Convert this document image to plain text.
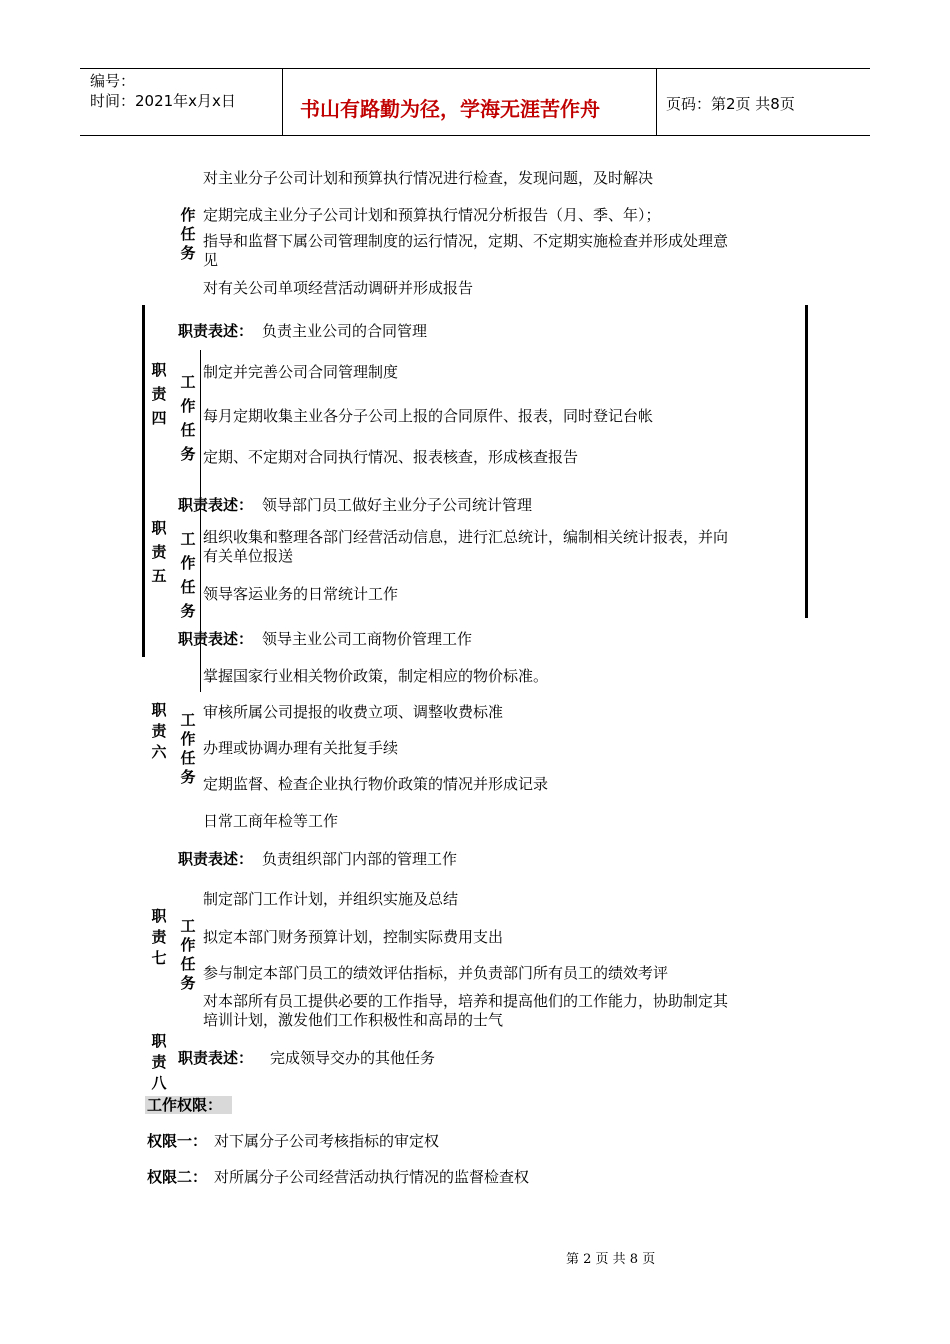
编号：
时间：2021年x月x日	书山有路勤为径，学海无涯苦作舟	页码：第2页 共8页
作
任
务
对主业分子公司计划和预算执行情况进行检查，发现问题，及时解决
定期完成主业分子公司计划和预算执行情况分析报告（月、季、年）；
指导和监督下属公司管理制度的运行情况，定期、不定期实施检查并形成处理意
见
对有关公司单项经营活动调研并形成报告
职
责
四
职责表述： 负责主业公司的合同管理
工
作
任
务
制定并完善公司合同管理制度
每月定期收集主业各分子公司上报的合同原件、报表，同时登记台帐
定期、不定期对合同执行情况、报表核查，形成核查报告
职
责
五
职责表述： 领导部门员工做好主业分子公司统计管理
工
作
任
务
组织收集和整理各部门经营活动信息，进行汇总统计，编制相关统计报表，并向
有关单位报送
领导客运业务的日常统计工作
职责表述： 领导主业公司工商物价管理工作
职
责
六
工
作
任
务
掌握国家行业相关物价政策，制定相应的物价标准。
审核所属公司提报的收费立项、调整收费标准
办理或协调办理有关批复手续
定期监督、检查企业执行物价政策的情况并形成记录
日常工商年检等工作
职责表述： 负责组织部门内部的管理工作
职
责
七
工
作
任
务
制定部门工作计划，并组织实施及总结
拟定本部门财务预算计划，控制实际费用支出
参与制定本部门员工的绩效评估指标，并负责部门所有员工的绩效考评
对本部所有员工提供必要的工作指导，培养和提高他们的工作能力，协助制定其
培训计划，激发他们工作积极性和高昂的士气
职
责
八
职责表述： 完成领导交办的其他任务
工作权限：
权限一： 对下属分子公司考核指标的审定权
权限二： 对所属分子公司经营活动执行情况的监督检查权
第 2 页 共 8 页
